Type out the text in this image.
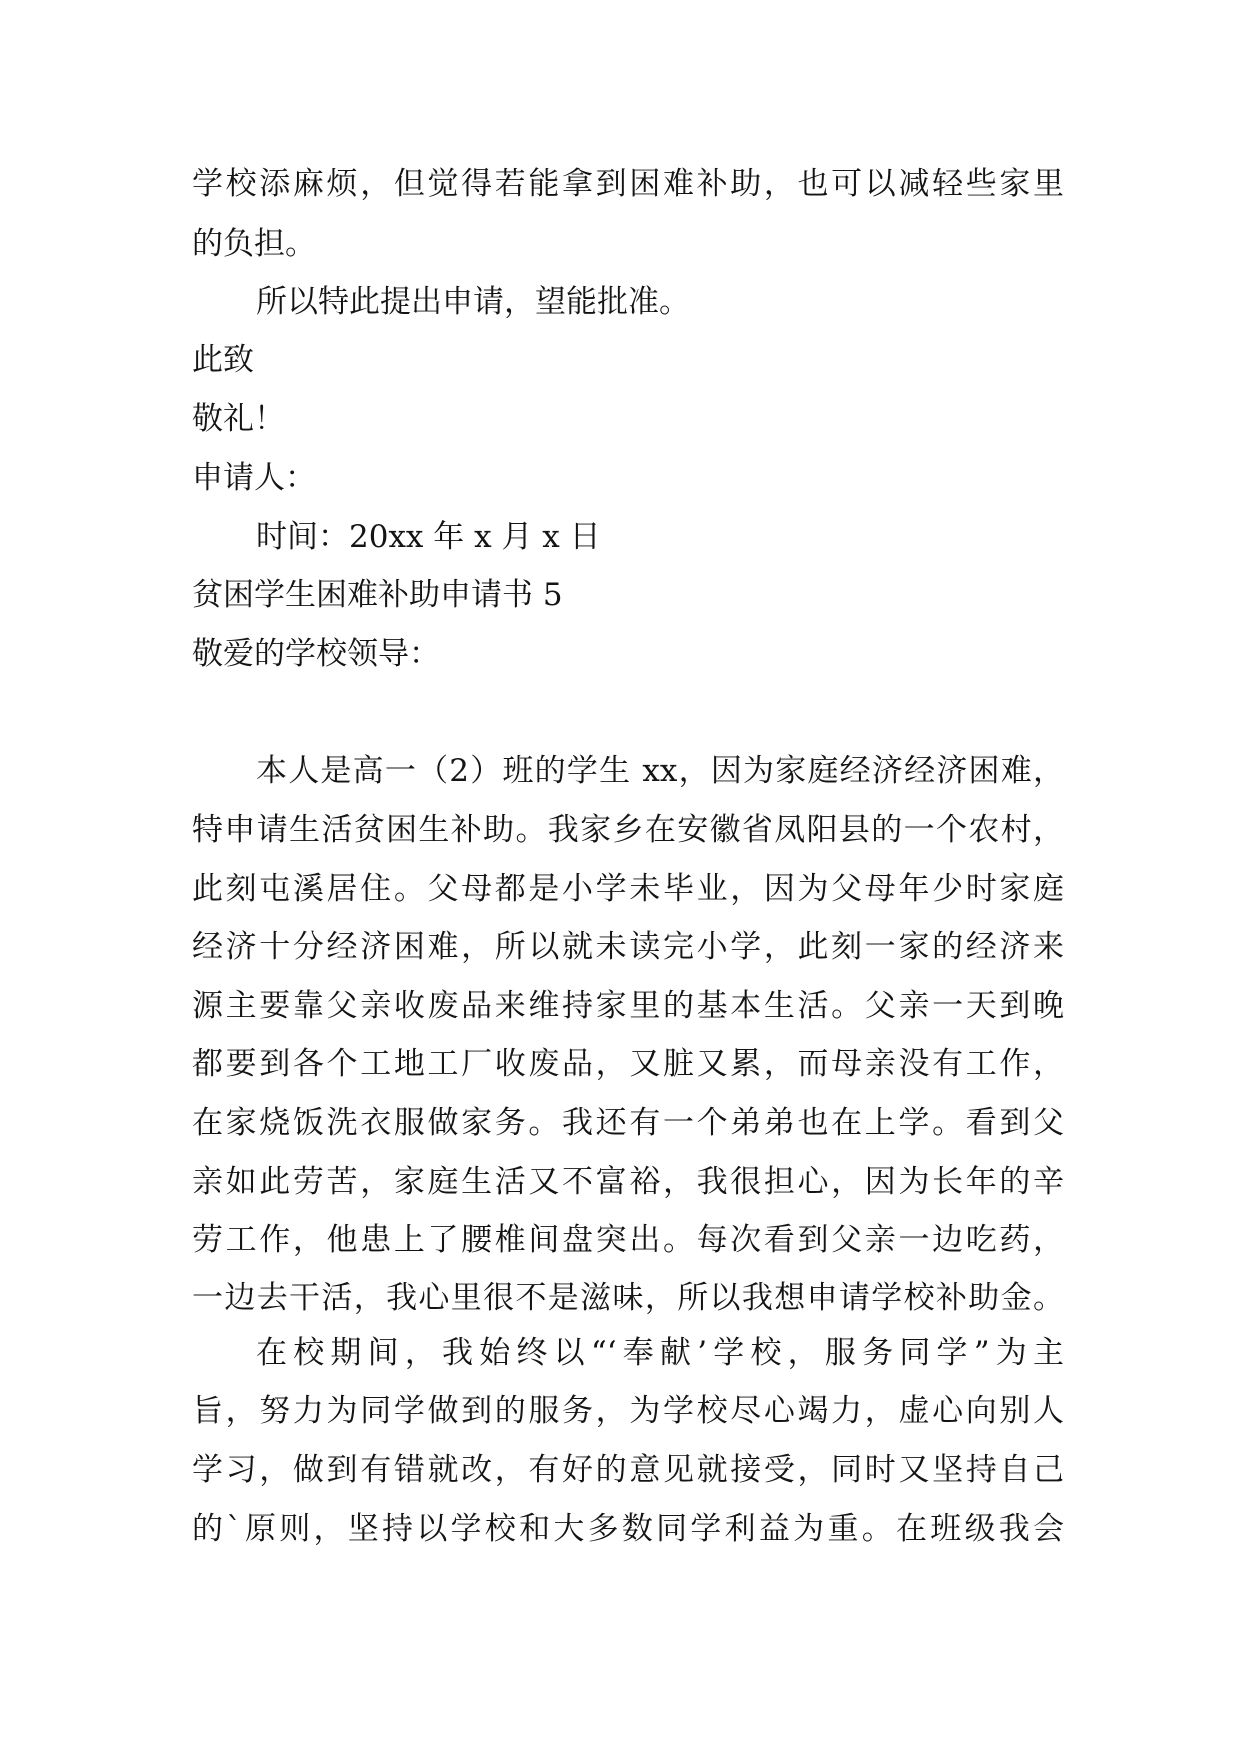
学校添麻烦，但觉得若能拿到困难补助，也可以减轻些家里
的负担。
所以特此提出申请，望能批准。
此致
敬礼！
申请人：
时间：20xx 年 x 月 x 日
贫困学生困难补助申请书 5
敬爱的学校领导：
本人是高一（2）班的学生 xx，因为家庭经济经济困难，
特申请生活贫困生补助。我家乡在安徽省凤阳县的一个农村，
此刻屯溪居住。父母都是小学未毕业，因为父母年少时家庭
经济十分经济困难，所以就未读完小学，此刻一家的经济来
源主要靠父亲收废品来维持家里的基本生活。父亲一天到晚
都要到各个工地工厂收废品，又脏又累，而母亲没有工作，
在家烧饭洗衣服做家务。我还有一个弟弟也在上学。看到父
亲如此劳苦，家庭生活又不富裕，我很担心，因为长年的辛
劳工作，他患上了腰椎间盘突出。每次看到父亲一边吃药，
一边去干活，我心里很不是滋味，所以我想申请学校补助金。
在校期间，我始终以“‘奉献’学校，服务同学”为主
旨，努力为同学做到的服务，为学校尽心竭力，虚心向别人
学习，做到有错就改，有好的意见就接受，同时又坚持自己
的`原则，坚持以学校和大多数同学利益为重。在班级我会
